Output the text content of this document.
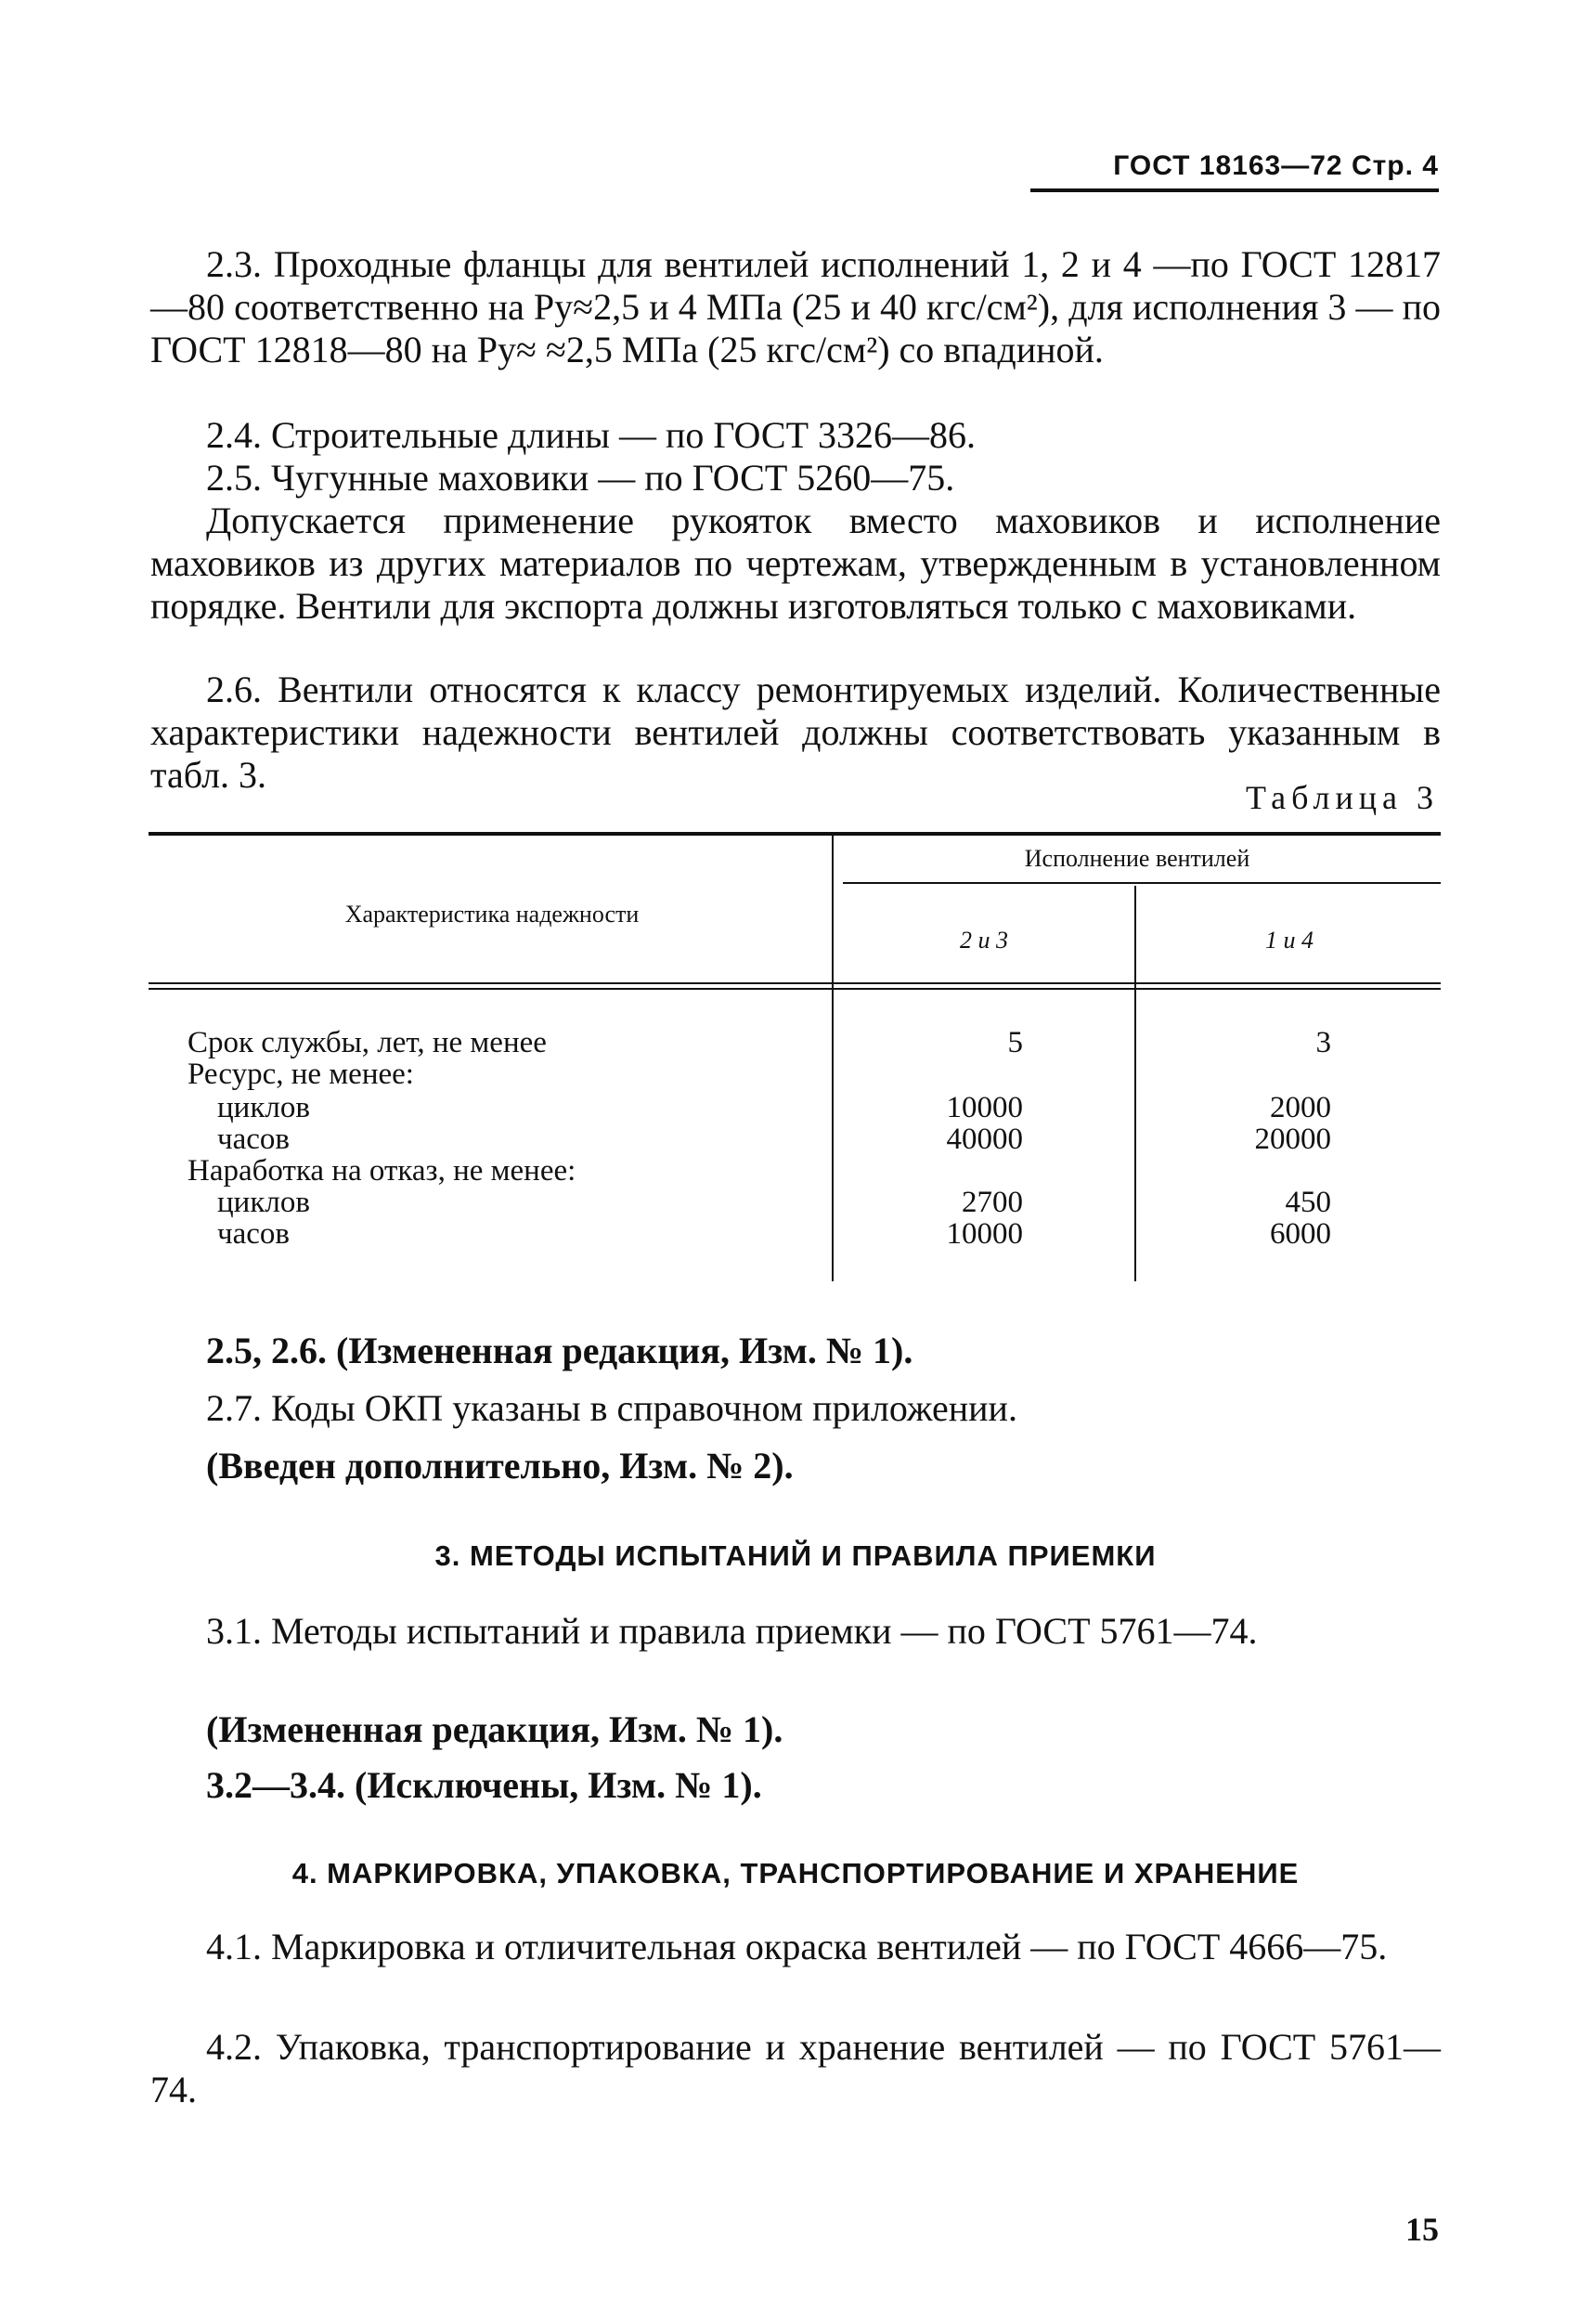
ГОСТ 18163—72 Стр. 4

2.3. Проходные фланцы для вентилей исполнений 1, 2 и 4 —по ГОСТ 12817—80 соответственно на Pу≈2,5 и 4 МПа (25 и 40 кгс/см²), для исполнения 3 — по ГОСТ 12818—80 на Pу≈ ≈2,5 МПа (25 кгс/см²) со впадиной.

2.4. Строительные длины — по ГОСТ 3326—86.

2.5. Чугунные маховики — по ГОСТ 5260—75.

Допускается применение рукояток вместо маховиков и исполнение маховиков из других материалов по чертежам, утвержденным в установленном порядке. Вентили для экспорта должны изготовляться только с маховиками.

2.6. Вентили относятся к классу ремонтируемых изделий. Количественные характеристики надежности вентилей должны соответствовать указанным в табл. 3.

Таблица 3
Характеристика надежности
Исполнение вентилей
2 и 3	1 и 4
Срок службы, лет, не менее	5	3
Ресурс, не менее:
циклов	10000	2000
часов	40000	20000
Наработка на отказ, не менее:
циклов	2700	450
часов	10000	6000

2.5, 2.6. (Измененная редакция, Изм. № 1).

2.7. Коды ОКП указаны в справочном приложении.

(Введен дополнительно, Изм. № 2).

3. МЕТОДЫ ИСПЫТАНИЙ И ПРАВИЛА ПРИЕМКИ

3.1. Методы испытаний и правила приемки — по ГОСТ 5761—74.

(Измененная редакция, Изм. № 1).

3.2—3.4. (Исключены, Изм. № 1).

4. МАРКИРОВКА, УПАКОВКА, ТРАНСПОРТИРОВАНИЕ И ХРАНЕНИЕ

4.1. Маркировка и отличительная окраска вентилей — по ГОСТ 4666—75.

4.2. Упаковка, транспортирование и хранение вентилей — по ГОСТ 5761—74.

15
